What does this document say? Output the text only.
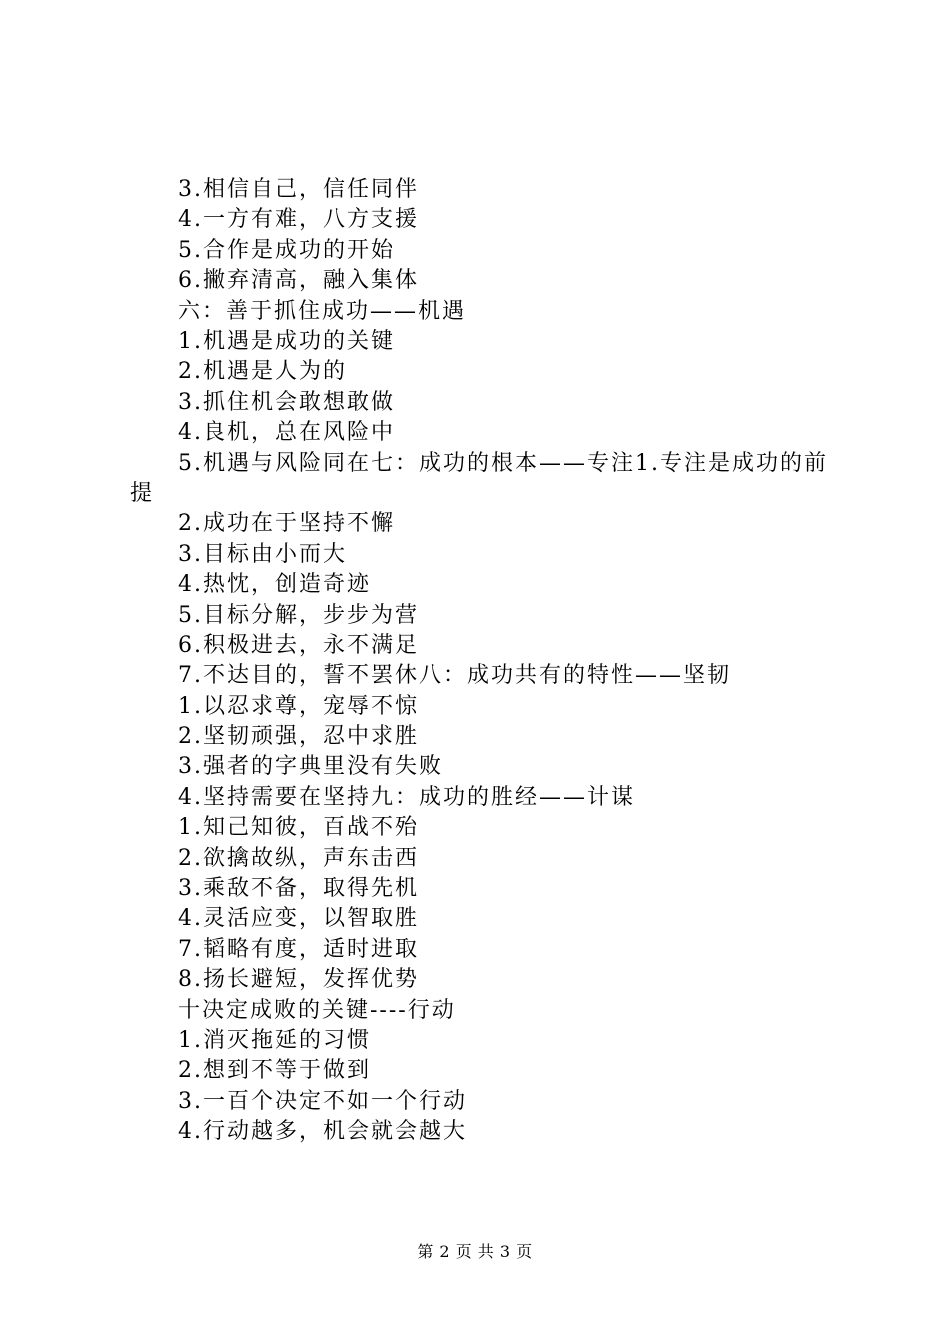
3.相信自己，信任同伴
4.一方有难，八方支援
5.合作是成功的开始
6.撇弃清高，融入集体
六：善于抓住成功——机遇
1.机遇是成功的关键
2.机遇是人为的
3.抓住机会敢想敢做
4.良机，总在风险中
5.机遇与风险同在七：成功的根本——专注1.专注是成功的前提
2.成功在于坚持不懈
3.目标由小而大
4.热忱，创造奇迹
5.目标分解，步步为营
6.积极进去，永不满足
7.不达目的，誓不罢休八：成功共有的特性——坚韧
1.以忍求尊，宠辱不惊
2.坚韧顽强，忍中求胜
3.强者的字典里没有失败
4.坚持需要在坚持九：成功的胜经——计谋
1.知己知彼，百战不殆
2.欲擒故纵，声东击西
3.乘敌不备，取得先机
4.灵活应变，以智取胜
7.韬略有度，适时进取
8.扬长避短，发挥优势
十决定成败的关键----行动
1.消灭拖延的习惯
2.想到不等于做到
3.一百个决定不如一个行动
4.行动越多，机会就会越大
第 2 页 共 3 页
